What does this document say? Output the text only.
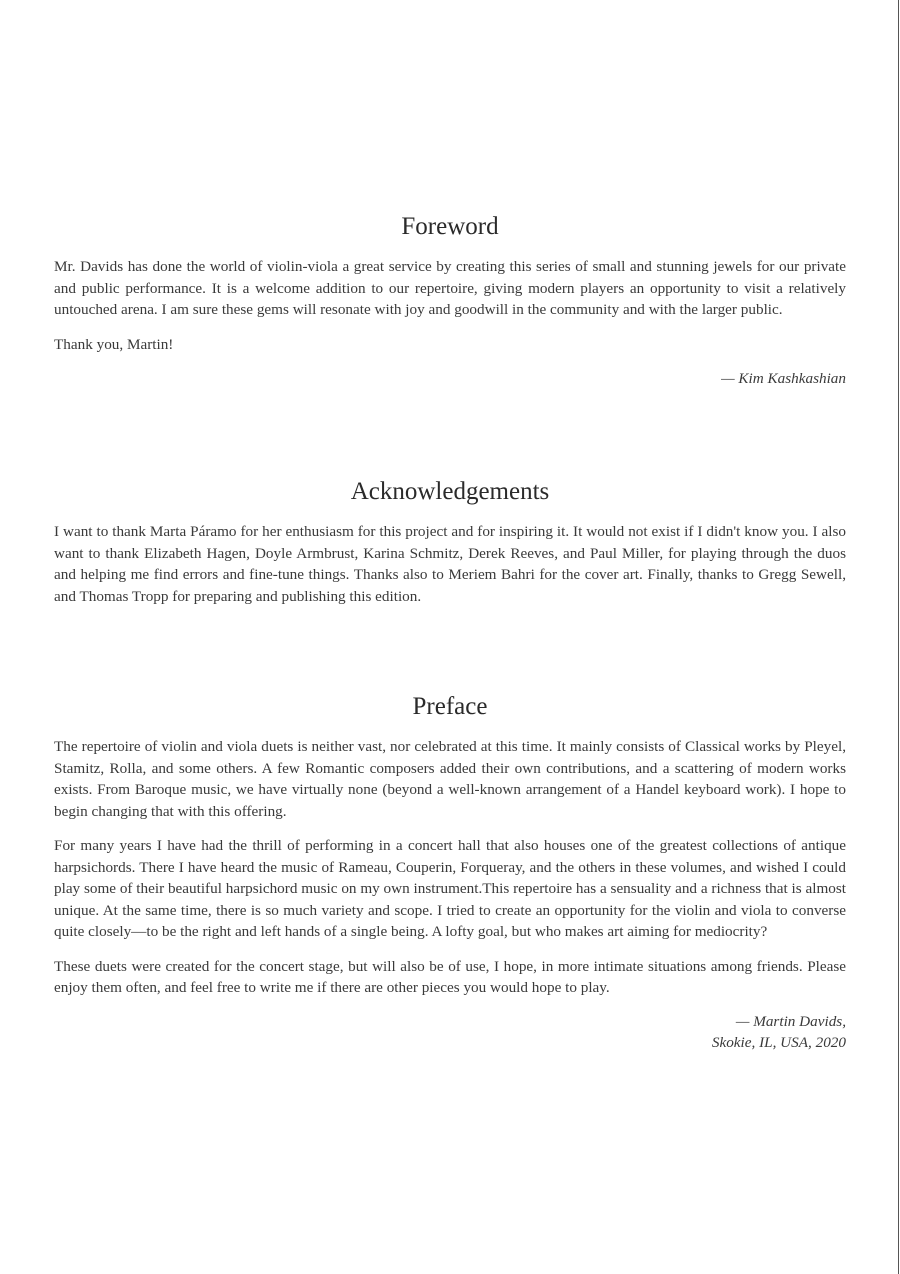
Foreword

Mr. Davids has done the world of violin-viola a great service by creating this series of small and stunning jewels for our private and public performance. It is a welcome addition to our repertoire, giving modern players an opportunity to visit a relatively untouched arena. I am sure these gems will resonate with joy and goodwill in the community and with the larger public.

Thank you, Martin!

— Kim Kashkashian

Acknowledgements

I want to thank Marta Páramo for her enthusiasm for this project and for inspiring it. It would not exist if I didn't know you. I also want to thank Elizabeth Hagen, Doyle Armbrust, Karina Schmitz, Derek Reeves, and Paul Miller, for playing through the duos and helping me find errors and fine-tune things. Thanks also to Meriem Bahri for the cover art. Finally, thanks to Gregg Sewell, and Thomas Tropp for preparing and publishing this edition.

Preface

The repertoire of violin and viola duets is neither vast, nor celebrated at this time. It mainly consists of Classical works by Pleyel, Stamitz, Rolla, and some others. A few Romantic composers added their own contributions, and a scattering of modern works exists. From Baroque music, we have virtually none (beyond a well-known arrangement of a Handel keyboard work). I hope to begin changing that with this offering.

For many years I have had the thrill of performing in a concert hall that also houses one of the greatest collections of antique harpsichords. There I have heard the music of Rameau, Couperin, Forqueray, and the others in these volumes, and wished I could play some of their beautiful harpsichord music on my own instrument.This repertoire has a sensuality and a richness that is almost unique. At the same time, there is so much variety and scope. I tried to create an opportunity for the violin and viola to converse quite closely—to be the right and left hands of a single being. A lofty goal, but who makes art aiming for mediocrity?

These duets were created for the concert stage, but will also be of use, I hope, in more intimate situations among friends. Please enjoy them often, and feel free to write me if there are other pieces you would hope to play.

— Martin Davids,

Skokie, IL, USA, 2020
